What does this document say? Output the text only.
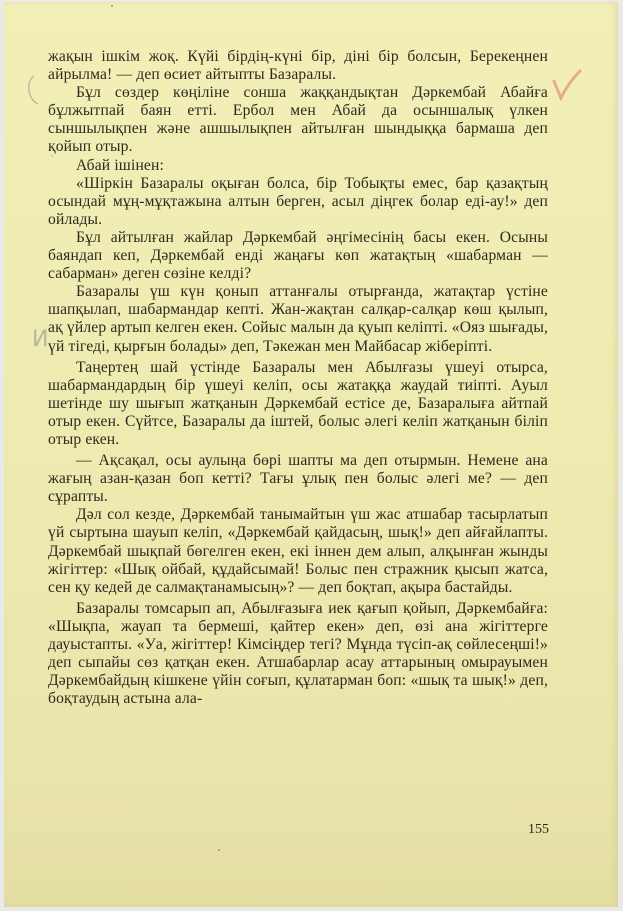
И

жақын ішкім жоқ. Күйі бірдің-күні бір, діні бір болсын, Берекеңнен айрылма! — деп өсиет айтыпты Базаралы.

Бұл сөздер көңіліне сонша жаққандықтан Дәркембай Абайға бұлжытпай баян етті. Ербол мен Абай да осыншалық үлкен сыншылықпен және ашшылықпен айтылған шындыққа бармаша деп қойып отыр.

Абай ішінен:

«Шіркін Базаралы оқыған болса, бір Тобықты емес, бар қазақтың осындай мұң-мұқтажына алтын берген, асыл діңгек болар еді-ау!» деп ойлады.

Бұл айтылған жайлар Дәркембай әңгімесінің басы екен. Осыны баяндап кеп, Дәркембай енді жаңағы көп жатақтың «шабарман — сабарман» деген сөзіне келді?

Базаралы үш күн қонып аттанғалы отырғанда, жатақтар үстіне шапқылап, шабармандар кепті. Жан-жақтан салқар-салқар көш қылып, ақ үйлер артып келген екен. Сойыс малын да қуып келіпті. «Ояз шығады, үй тігеді, қырғын болады» деп, Тәкежан мен Майбасар жіберіпті.

Таңертең шай үстінде Базаралы мен Абылғазы үшеуі отырса, шабармандардың бір үшеуі келіп, осы жатаққа жаудай тиіпті. Ауыл шетінде шу шығып жатқанын Дәркембай естісе де, Базаралыға айтпай отыр екен. Сүйтсе, Базаралы да іштей, болыс әлегі келіп жатқанын біліп отыр екен.

— Ақсақал, осы аулыңа бөрі шапты ма деп отырмын. Немене ана жағың азан-қазан боп кетті? Тағы ұлық пен болыс әлегі ме? — деп сұрапты.

Дәл сол кезде, Дәркембай танымайтын үш жас атшабар тасырлатып үй сыртына шауып келіп, «Дәркембай қайдасың, шық!» деп айғайлапты. Дәркембай шықпай бөгелген екен, екі іннен дем алып, алқынған жынды жігіттер: «Шық ойбай, құдайсымай! Болыс пен стражник қысып жатса, сен қу кедей де салмақтанамысың»? — деп боқтап, ақыра бастайды.

Базаралы томсарып ап, Абылғазыға иек қағып қойып, Дәркембайға: «Шықпа, жауап та бермеші, қайтер екен» деп, өзі ана жігіттерге дауыстапты. «Уа, жігіттер! Кімсіңдер тегі? Мұнда түсіп-ақ сөйлесеңші!» деп сыпайы сөз қатқан екен. Атшабарлар асау аттарының омырауымен Дәркембайдың кішкене үйін соғып, құлатарман боп: «шық та шық!» деп, боқтаудың астына ала-

155
